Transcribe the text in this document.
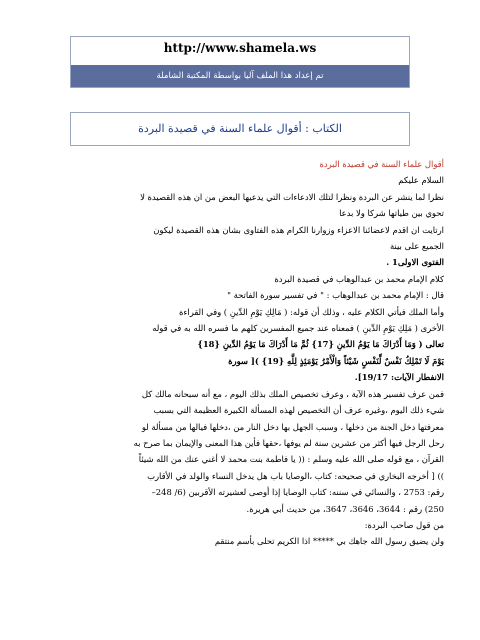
http://www.shamela.ws
تم إعداد هذا الملف آليا بواسطة المكتبة الشاملة
الكتاب : أقوال علماء السنة في قصيدة البردة

أقوال علماء السنة في قصيدة البردة

السلام عليكم

نظرا لما ينشر عن البردة ونظرا لتلك الادعاءات التي يدعيها البعض من ان هذه القصيدة لا

تحوي بين طياتها شركا ولا بدعا

ارتايت ان اقدم لاعضائنا الاعزاء وزوارنا الكرام هذه الفتاوى بشان هذه القصيدة ليكون

الجميع على بينة

الفتوى الاولى1 .

كلام الإمام محمد بن عبدالوهاب في قصيدة البردة

قال : الإمام محمد بن عبدالوهاب : " في تفسير سورة الفاتحة "

وأما الملك فيأتي الكلام عليه ، وذلك أن قوله: ( مَالِكِ يَوْمِ الدِّينِ ) وفي القراءة

الأخرى ( مَلِكِ يَوْمِ الدِّينِ ) فمعناه عند جميع المفسرين كلهم ما فسره الله به في قوله

تعالى ( وَمَا أَدْرَاكَ مَا يَوْمُ الدِّينِ {17} ثُمَّ مَا أَدْرَاكَ مَا يَوْمُ الدِّينِ {18}

يَوْمَ لَا تَمْلِكُ نَفْسٌ لِّنَفْسٍ شَيْئاً وَالْأَمْرُ يَوْمَئِذٍ لِلَّهِ {19} )[ سورة

الانفطار الآيات: 19/17].

فمن عرف تفسير هذه الآية ، وعرف تخصيص الملك بذلك اليوم ، مع أنه سبحانه مالك كل

شيء ذلك اليوم ،وغيره عرف أن التخصيص لهذه المسألة الكبيرة العظيمة التي بسبب

معرفتها دخل الجنة من دخلها ، وسبب الجهل بها دخل النار من ،دخلها فيالها من مسألة لو

رحل الرجل فيها أكثر من عشرين سنة لم يوفها ،حقها فأين هذا المعنى والإيمان بما صرح به

القرآن ، مع قوله صلى الله عليه وسلم : (( يا فاطمة بنت محمد لا أغني عنك من الله شيئاً

)) [ أخرجه البخاري في صحيحه: كتاب ،الوصايا باب هل يدخل النساء والولد في الأقارب

رقم: 2753 ، والنسائي في سننه: كتاب الوصايا إذا أوصى لعشيرته الأقربين (6/ 248–

250) رقم : 3644، 3646، 3647، من حديث أبي هريرة.

من قول صاحب البردة:

ولن يضيق رسول الله جاهك بي ***** اذا الكريم تحلى بأسم منتقم
